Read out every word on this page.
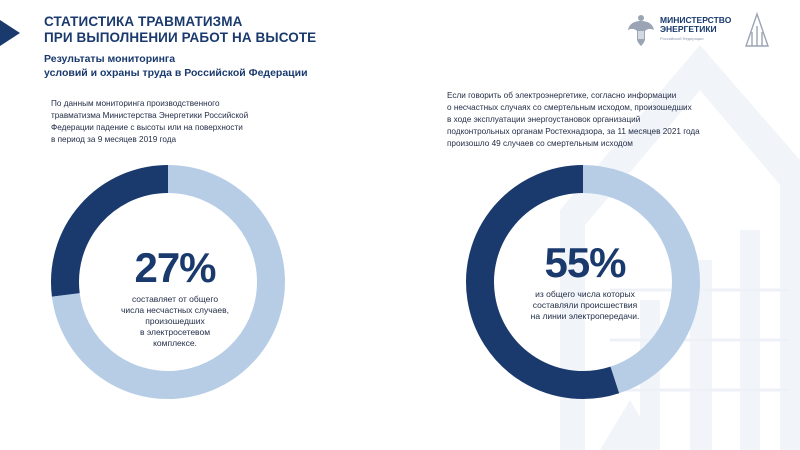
СТАТИСТИКА ТРАВМАТИЗМА
ПРИ ВЫПОЛНЕНИИ РАБОТ НА ВЫСОТЕ
Результаты мониторинга
условий и охраны труда в Российской Федерации
МИНИСТЕРСТВО
ЭНЕРГЕТИКИ
Российской Федерации
По данным мониторинга производственного
травматизма Министерства Энергетики Российской
Федерации падение с высоты или на поверхности
в период за 9 месяцев 2019 года
Если говорить об электроэнергетике, согласно информации
о несчастных случаях со смертельным исходом, произошедших
в ходе эксплуатации энергоустановок организаций
подконтрольных органам Ростехнадзора, за 11 месяцев 2021 года
произошло 49 случаев со смертельным исходом
27%
составляет от общего
числа несчастных случаев,
произошедших
в электросетевом
комплексе.
55%
из общего числа которых
составляли происшествия
на линии электропередачи.
